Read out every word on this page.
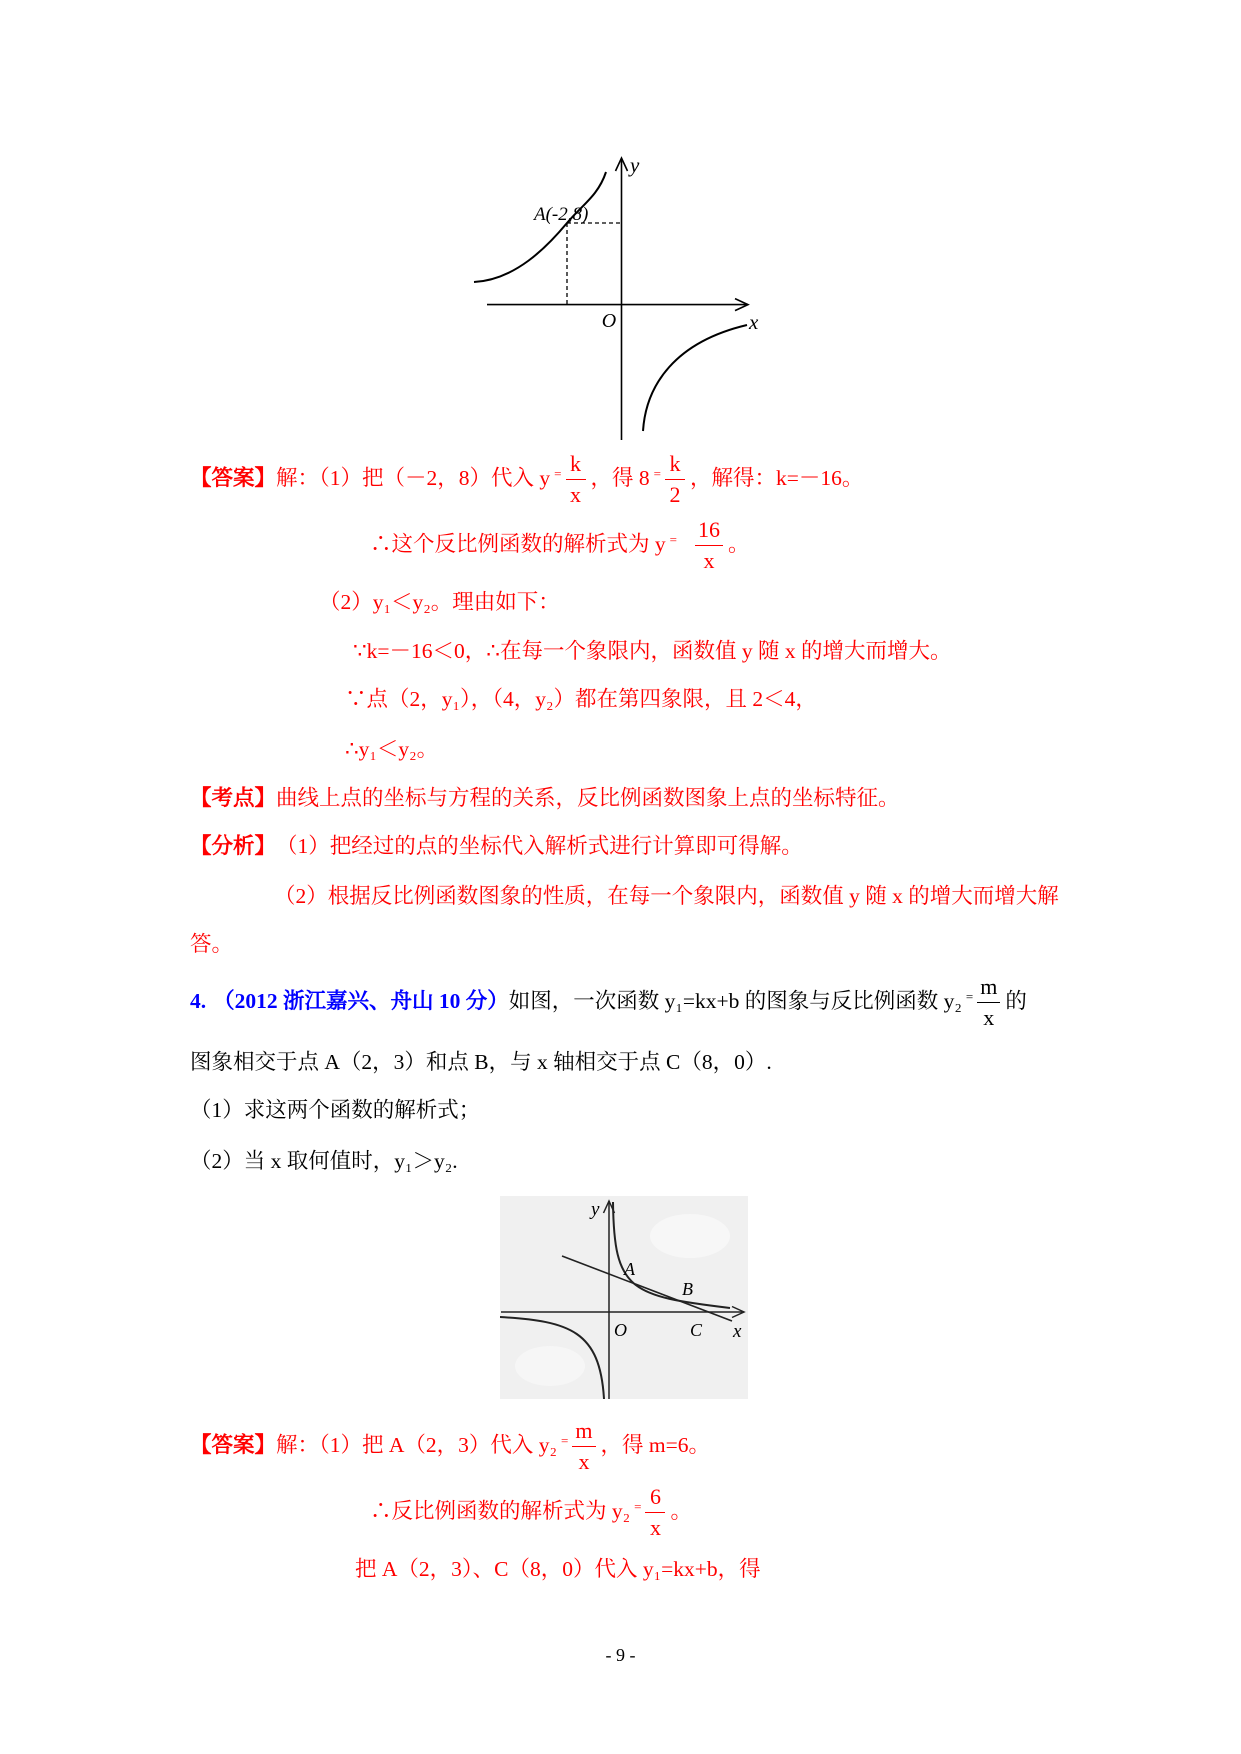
y
x
O
A(-2,8)
【答案】 解：（1）把（－2，8）代入 $y = \frac{k}{x}$ ，得 $8 = \frac{k}{2}$ ，解得：k=－16。
∴这个反比例函数的解析式为 $y = \frac{16}{x}$ 。
（2）y₁＜y₂。理由如下：
∵k=－16＜0，∴在每一个象限内，函数值 y 随 x 的增大而增大。
∵点（2，y₁），（4，y₂）都在第四象限，且 2＜4，
∴y₁＜y₂。
【考点】 曲线上点的坐标与方程的关系，反比例函数图象上点的坐标特征。
【分析】 （1）把经过的点的坐标代入解析式进行计算即可得解。
（2）根据反比例函数图象的性质，在每一个象限内，函数值 y 随 x 的增大而增大解
答。
4. （2012 浙江嘉兴、舟山 10 分） 如图，一次函数 y₁=kx+b 的图象与反比例函数 $y_2 = \frac{m}{x}$ 的
图象相交于点 A（2，3）和点 B，与 x 轴相交于点 C（8，0）.
（1）求这两个函数的解析式；
（2）当 x 取何值时，y₁＞y₂.
y
A
B
O	C x
【答案】 解：（1）把 A（2，3）代入 $y_2 = \frac{m}{x}$ ，得 m=6。
∴反比例函数的解析式为 $y_2 = \frac{6}{x}$ 。
把 A（2，3）、C（8，0）代入 y₁=kx+b，得
- 9 -
